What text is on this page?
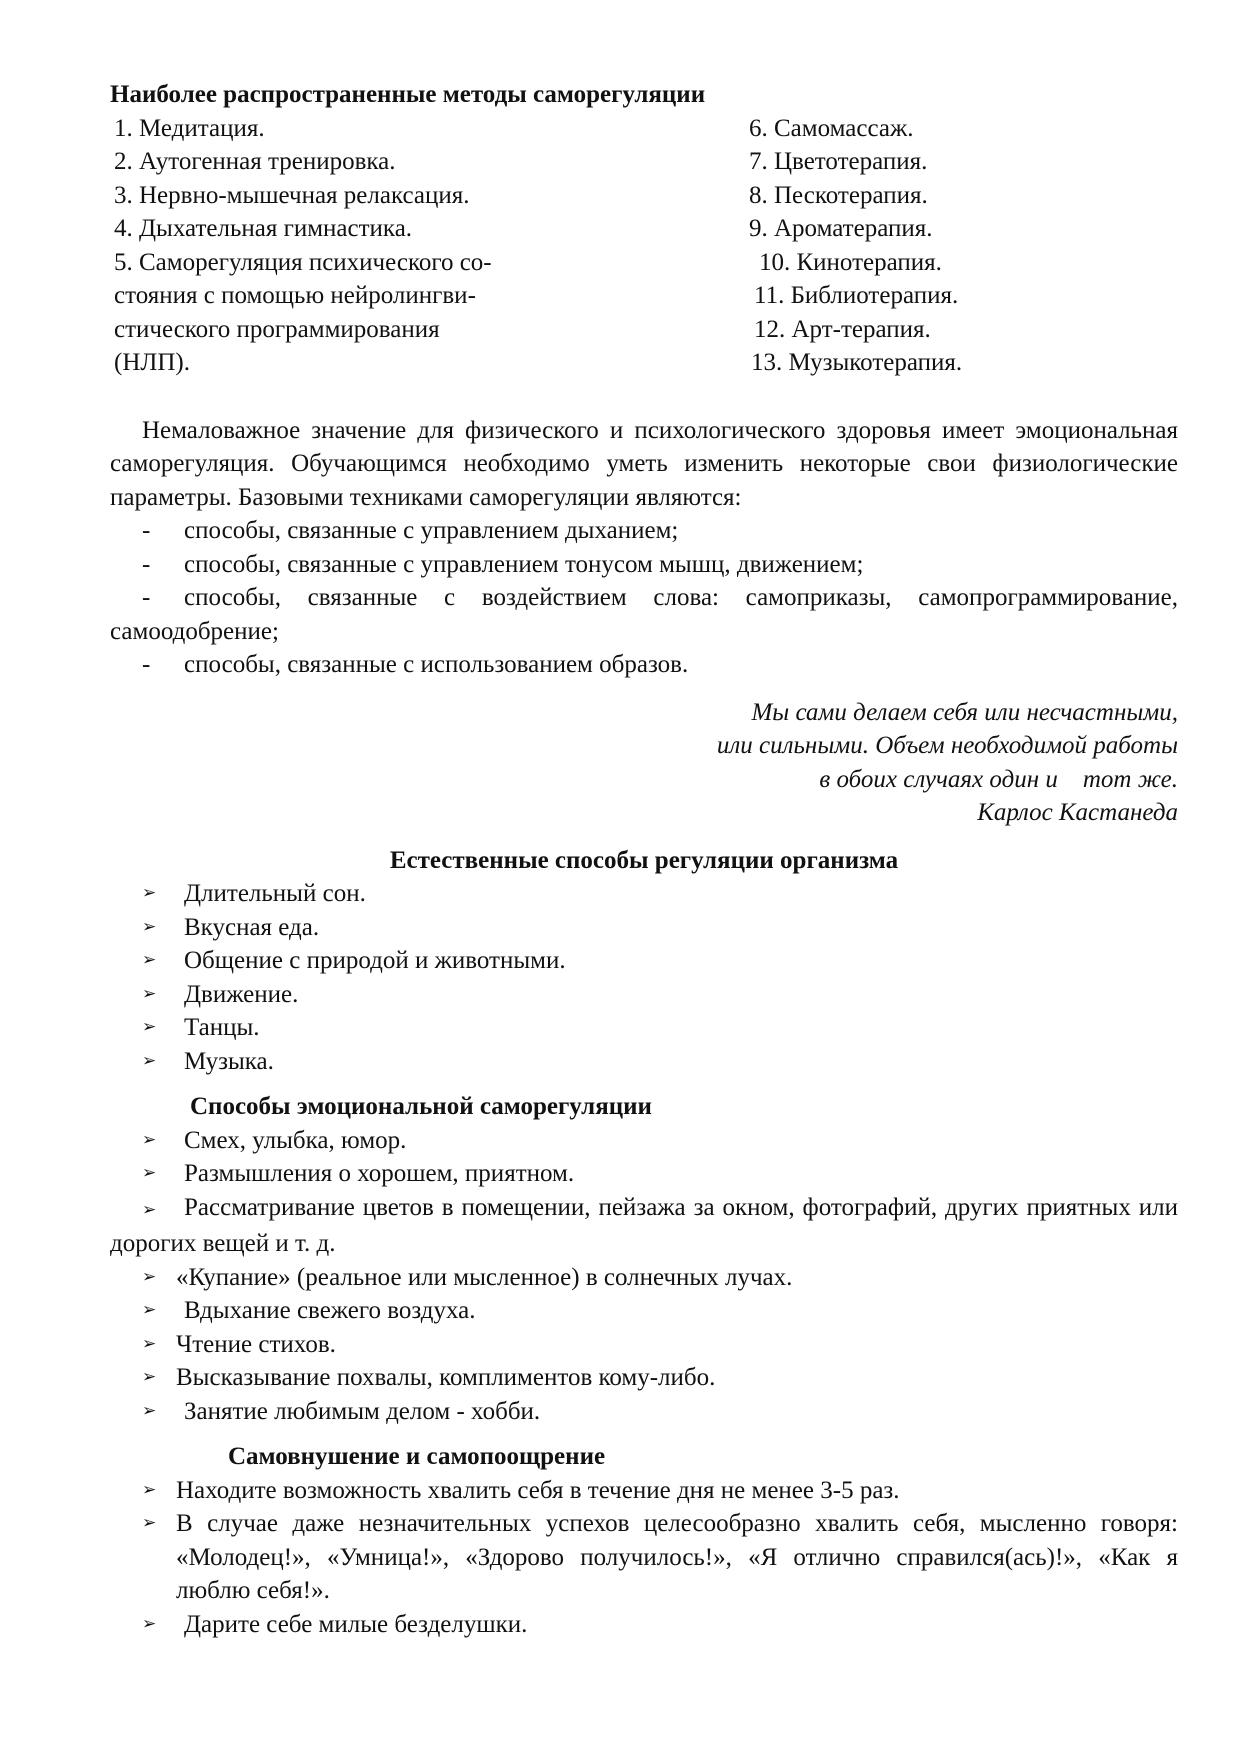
Наиболее распространенные методы саморегуляции
1. Медитация.
2. Аутогенная тренировка.
3. Нервно-мышечная релаксация.
4. Дыхательная гимнастика.
5. Саморегуляция психического со-
стояния с помощью нейролингви-
стического программирования
(НЛП).
6. Самомассаж.
7. Цветотерапия.
8. Пескотерапия.
9. Ароматерапия.
10. Кинотерапия.
11. Библиотерапия.
12. Арт-терапия.
13. Музыкотерапия.

Немаловажное значение для физического и психологического здоровья имеет эмоциональная саморегуляция. Обучающимся необходимо уметь изменить некоторые свои физиологические параметры. Базовыми техниками саморегуляции являются:

- способы, связанные с управлением дыханием;
- способы, связанные с управлением тонусом мышц, движением;
- способы, связанные с воздействием слова: самоприказы, самопрограммирование, самоодобрение;
- способы, связанные с использованием образов.
Мы сами делаем себя или несчастными,
или сильными. Объем необходимой работы
в обоих случаях один и    тот же.
Карлос Кастанеда
Естественные способы регуляции организма
➢ Длительный сон.
➢ Вкусная еда.
➢ Общение с природой и животными.
➢ Движение.
➢ Танцы.
➢ Музыка.
Способы эмоциональной саморегуляции
➢ Смех, улыбка, юмор.
➢ Размышления о хорошем, приятном.
➢ Рассматривание цветов в помещении, пейзажа за окном, фотографий, других приятных или дорогих вещей и т. д.
➢ «Купание» (реальное или мысленное) в солнечных лучах.
➢ Вдыхание свежего воздуха.
➢ Чтение стихов.
➢ Высказывание похвалы, комплиментов кому-либо.
➢ Занятие любимым делом - хобби.
Самовнушение и самопоощрение
➢ Находите возможность хвалить себя в течение дня не менее 3-5 раз.
➢ В случае даже незначительных успехов целесообразно хвалить себя, мысленно говоря: «Молодец!», «Умница!», «Здорово получилось!», «Я отлично справился(ась)!», «Как я люблю себя!».
➢ Дарите себе милые безделушки.
